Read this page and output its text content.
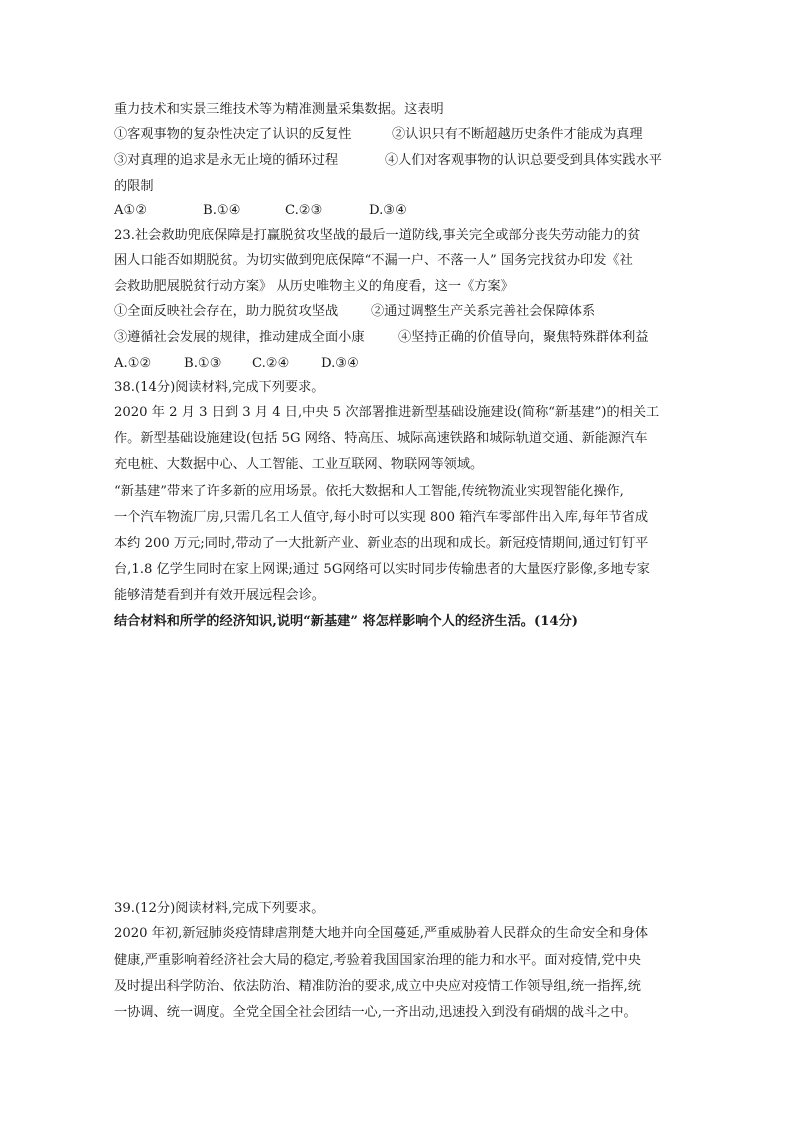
重力技术和实景三维技术等为精准测量采集数据。这表明
①客观事物的复杂性决定了认识的反复性	②认识只有不断超越历史条件才能成为真理
③对真理的追求是永无止境的循环过程	④人们对客观事物的认识总要受到具体实践水平
的限制
A①②	B.①④	C.②③	D.③④
23.社会救助兜底保障是打赢脱贫攻坚战的最后一道防线,事关完全或部分丧失劳动能力的贫
困人口能否如期脱贫。为切实做到兜底保障“不漏一户、不落一人” 国务完找贫办印发《社
会救助肥展脱贫行动方案》 从历史唯物主义的角度看，这一《方案》
①全面反映社会存在，助力脱贫攻坚战 ②通过调整生产关系完善社会保障体系
③遵循社会发展的规律，推动建成全面小康	④坚持正确的价值导向，聚焦特殊群体利益
A.①② B.①③ C.②④ D.③④
38.(14分)阅读材料,完成下列要求。
2020 年 2 月 3 日到 3 月 4 日,中央 5 次部署推进新型基础设施建设(简称“新基建”)的相关工
作。新型基础设施建设(包括 5G 网络、特高压、城际高速铁路和城际轨道交通、新能源汽车
充电桩、大数据中心、人工智能、工业互联网、物联网等领域。
“新基建”带来了许多新的应用场景。依托大数据和人工智能,传统物流业实现智能化操作,
一个汽车物流厂房,只需几名工人值守,每小时可以实现 800 箱汽车零部件出入库,每年节省成
本约 200 万元;同时,带动了一大批新产业、新业态的出现和成长。新冠疫情期间,通过钉钉平
台,1.8 亿学生同时在家上网课;通过 5G网络可以实时同步传输患者的大量医疗影像,多地专家
能够清楚看到并有效开展远程会诊。
结合材料和所学的经济知识,说明“新基建” 将怎样影响个人的经济生活。(14分)
39.(12分)阅读材料,完成下列要求。
2020 年初,新冠肺炎疫情肆虐荆楚大地并向全国蔓延,严重威胁着人民群众的生命安全和身体
健康,严重影响着经济社会大局的稳定,考验着我国国家治理的能力和水平。面对疫情,党中央
及时提出科学防治、依法防治、精准防治的要求,成立中央应对疫情工作领导组,统一指挥,统
一协调、统一调度。全党全国全社会团结一心,一齐出动,迅速投入到没有硝烟的战斗之中。
